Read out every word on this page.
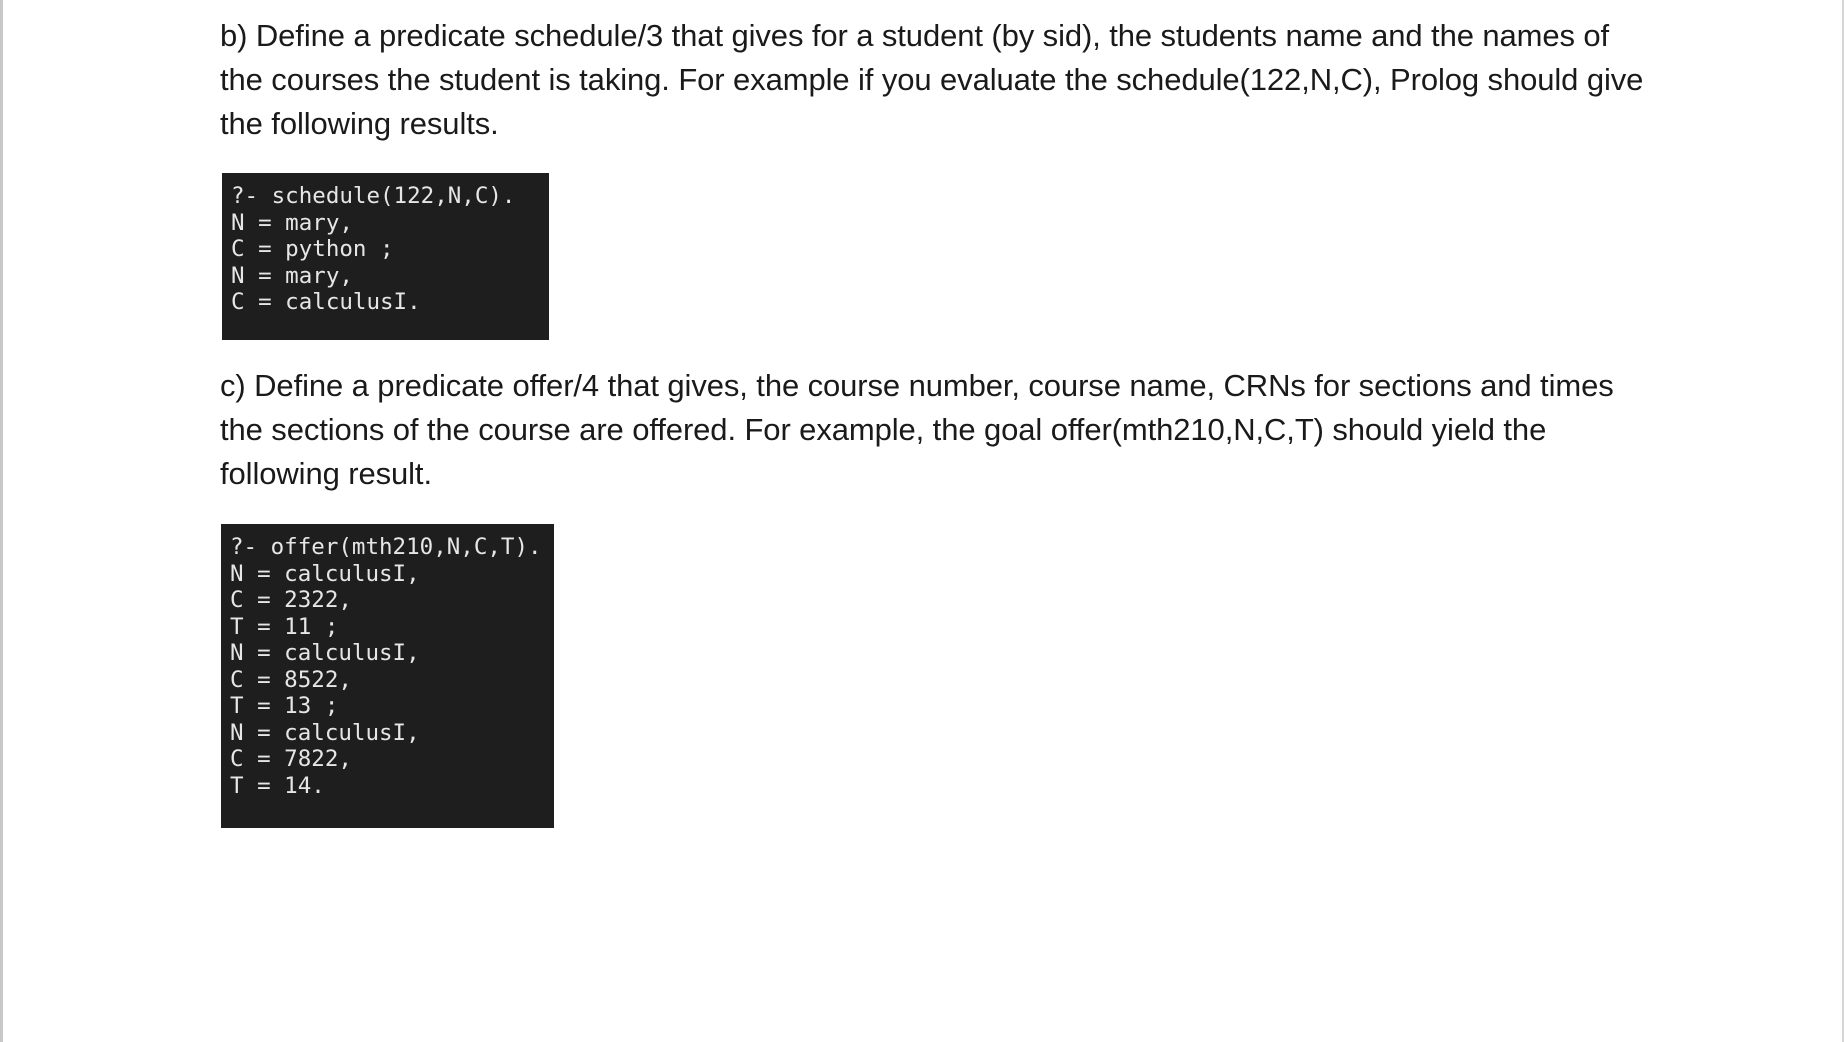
b) Define a predicate schedule/3 that gives for a student (by sid), the students name and the names of
the courses the student is taking. For example if you evaluate the schedule(122,N,C), Prolog should give
the following results.
?- schedule(122,N,C).
N = mary,
C = python ;
N = mary,
C = calculusI.
c) Define a predicate offer/4 that gives, the course number, course name, CRNs for sections and times
the sections of the course are offered. For example, the goal offer(mth210,N,C,T) should yield the
following result.
?- offer(mth210,N,C,T).
N = calculusI,
C = 2322,
T = 11 ;
N = calculusI,
C = 8522,
T = 13 ;
N = calculusI,
C = 7822,
T = 14.
